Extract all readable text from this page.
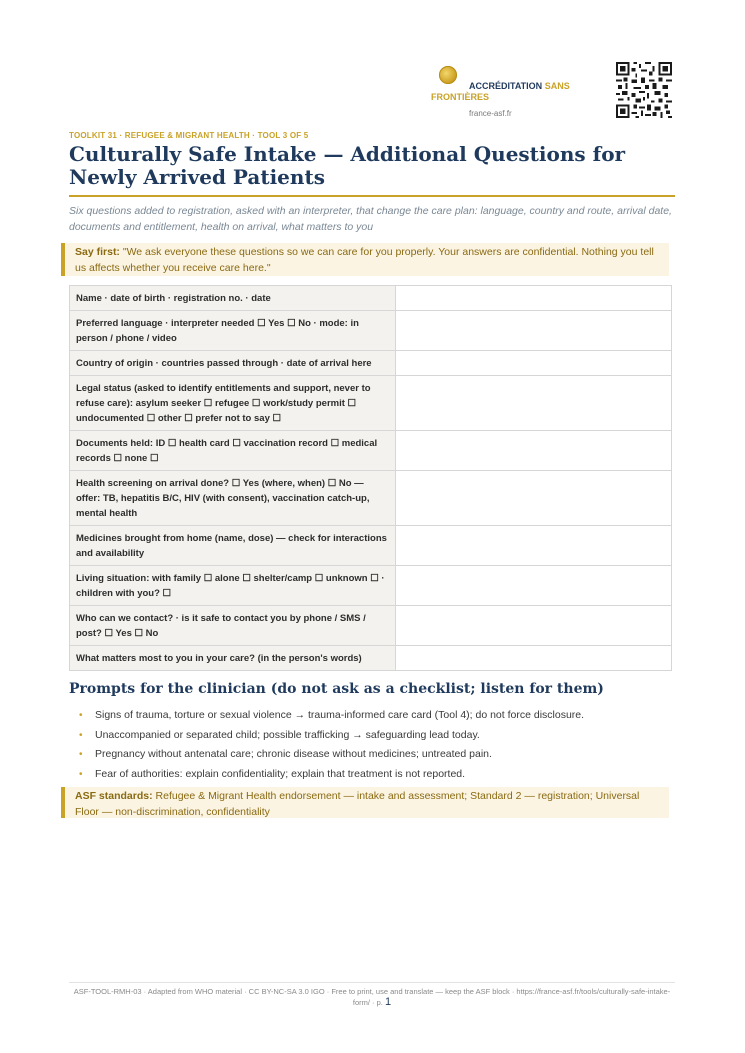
ACCRÉDITATION SANS FRONTIÈRES
france-asf.fr
TOOLKIT 31 · REFUGEE & MIGRANT HEALTH · TOOL 3 OF 5
Culturally Safe Intake — Additional Questions for
Newly Arrived Patients
Six questions added to registration, asked with an interpreter, that change the care plan: language, country and route, arrival date, documents and entitlement, health on arrival, what matters to you
Say first: "We ask everyone these questions so we can care for you properly. Your answers are confidential. Nothing you tell us affects whether you receive care here."
Name · date of birth · registration no. · date	
Preferred language · interpreter needed ☐ Yes ☐ No · mode: in person / phone / video	
Country of origin · countries passed through · date of arrival here	
Legal status (asked to identify entitlements and support, never to refuse care): asylum seeker ☐ refugee ☐ work/study permit ☐ undocumented ☐ other ☐ prefer not to say ☐	
Documents held: ID ☐ health card ☐ vaccination record ☐ medical records ☐ none ☐	
Health screening on arrival done? ☐ Yes (where, when) ☐ No — offer: TB, hepatitis B/C, HIV (with consent), vaccination catch-up, mental health	
Medicines brought from home (name, dose) — check for interactions and availability	
Living situation: with family ☐ alone ☐ shelter/camp ☐ unknown ☐ · children with you? ☐	
Who can we contact? · is it safe to contact you by phone / SMS / post? ☐ Yes ☐ No	
What matters most to you in your care? (in the person's words)	
Prompts for the clinician (do not ask as a checklist; listen for them)
• Signs of trauma, torture or sexual violence → trauma-informed care card (Tool 4); do not force disclosure.
• Unaccompanied or separated child; possible trafficking → safeguarding lead today.
• Pregnancy without antenatal care; chronic disease without medicines; untreated pain.
• Fear of authorities: explain confidentiality; explain that treatment is not reported.
ASF standards: Refugee & Migrant Health endorsement — intake and assessment; Standard 2 — registration; Universal Floor — non-discrimination, confidentiality
ASF-TOOL-RMH-03 · Adapted from WHO material · CC BY-NC-SA 3.0 IGO · Free to print, use and translate — keep the ASF block · https://france-asf.fr/tools/culturally-safe-intake-form/ · p. 1
